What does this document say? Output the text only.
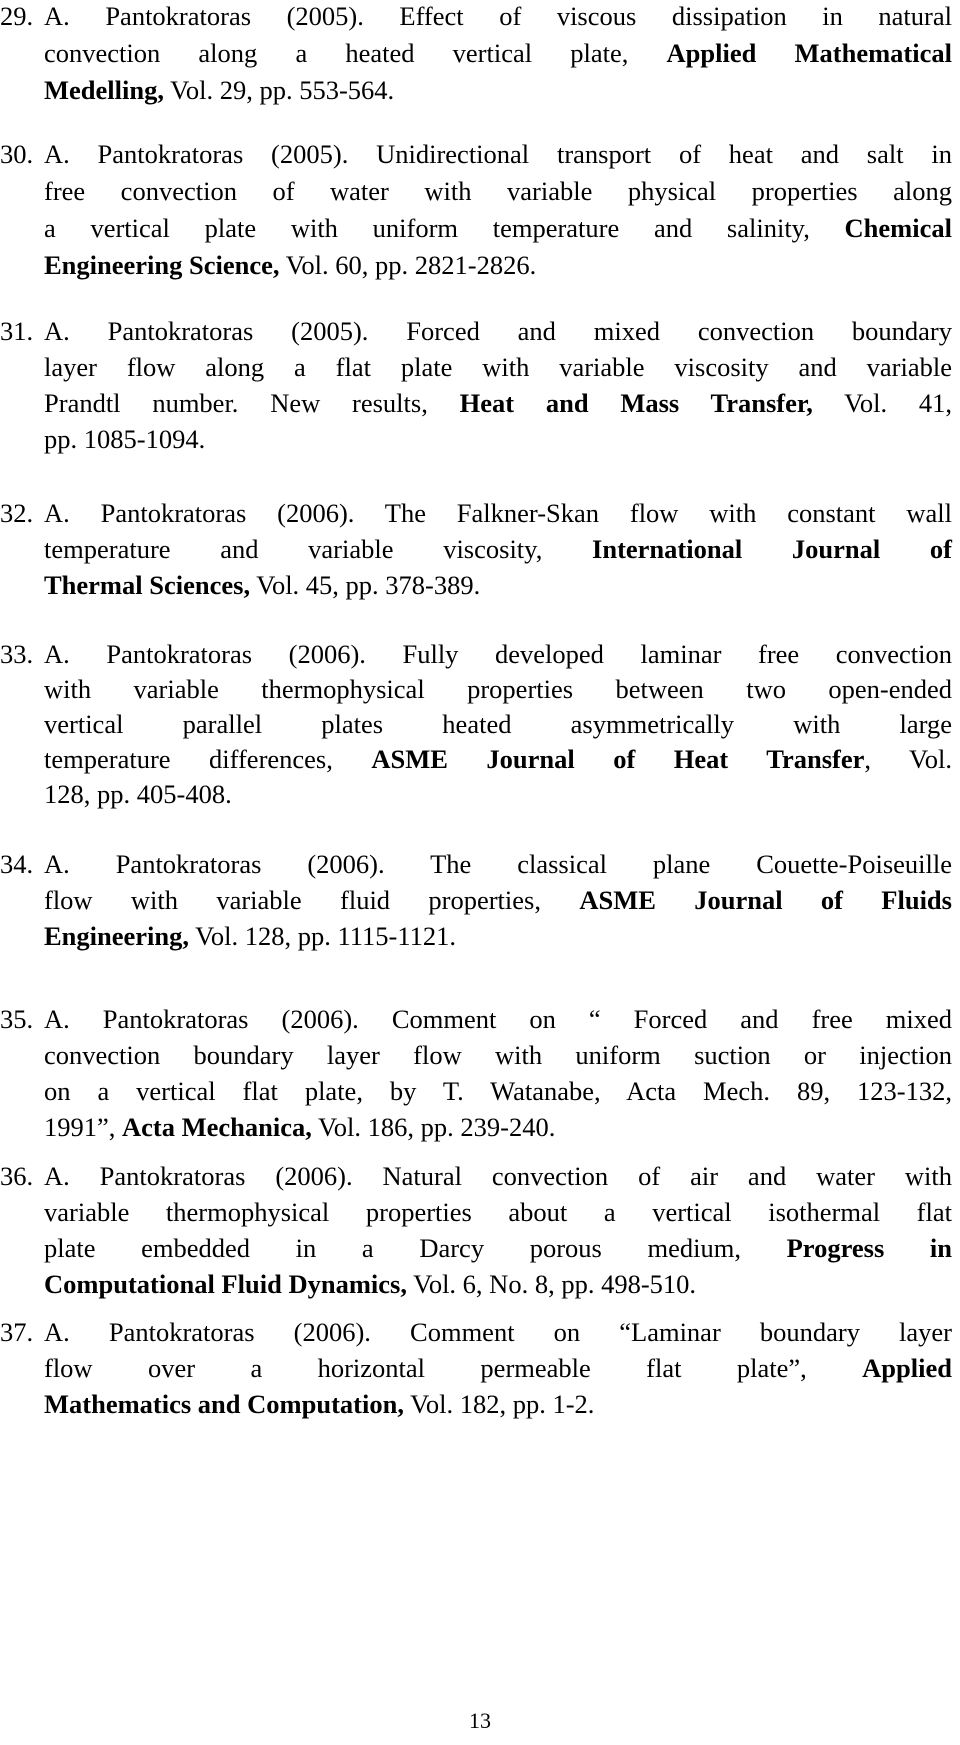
29. A. Pantokratoras (2005). Effect of viscous dissipation in natural
convection along a heated vertical plate, Applied Mathematical
Medelling, Vol. 29, pp. 553-564.
30. A. Pantokratoras (2005). Unidirectional transport of heat and salt in
free convection of water with variable physical properties along
a vertical plate with uniform temperature and salinity, Chemical
Engineering Science, Vol. 60, pp. 2821-2826.
31. A. Pantokratoras (2005). Forced and mixed convection boundary
layer flow along a flat plate with variable viscosity and variable
Prandtl number. New results, Heat and Mass Transfer, Vol. 41,
pp. 1085-1094.
32. A. Pantokratoras (2006). The Falkner-Skan flow with constant wall
temperature and variable viscosity, International Journal of
Thermal Sciences, Vol. 45, pp. 378-389.
33. A. Pantokratoras (2006). Fully developed laminar free convection
with variable thermophysical properties between two open-ended
vertical parallel plates heated asymmetrically with large
temperature differences, ASME Journal of Heat Transfer, Vol.
128, pp. 405-408.
34. A. Pantokratoras (2006). The classical plane Couette-Poiseuille
flow with variable fluid properties, ASME Journal of Fluids
Engineering, Vol. 128, pp. 1115-1121.
35. A. Pantokratoras (2006). Comment on “ Forced and free mixed
convection boundary layer flow with uniform suction or injection
on a vertical flat plate, by T. Watanabe, Acta Mech. 89, 123-132,
1991”, Acta Mechanica, Vol. 186, pp. 239-240.
36. A. Pantokratoras (2006). Natural convection of air and water with
variable thermophysical properties about a vertical isothermal flat
plate embedded in a Darcy porous medium, Progress in
Computational Fluid Dynamics, Vol. 6, No. 8, pp. 498-510.
37. A. Pantokratoras (2006). Comment on “Laminar boundary layer
flow over a horizontal permeable flat plate”, Applied
Mathematics and Computation, Vol. 182, pp. 1-2.
13
